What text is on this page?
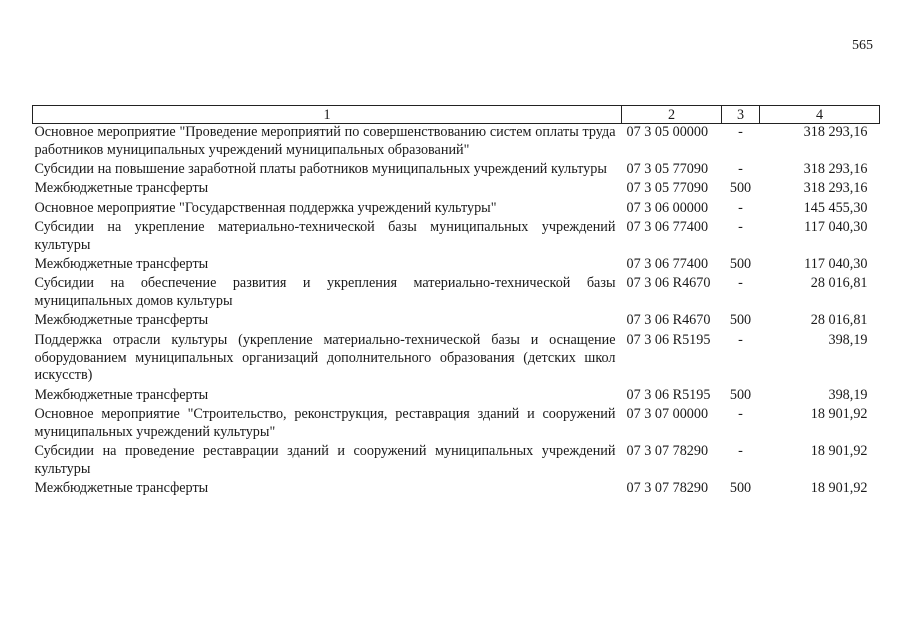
565
1	2	3	4
Основное мероприятие "Проведение мероприятий по совершенствованию систем оплаты труда работников муниципальных учреждений муниципальных образований"	07 3 05 00000	-	318 293,16
Субсидии на повышение заработной платы работников муниципальных учреждений культуры	07 3 05 77090	-	318 293,16
Межбюджетные трансферты	07 3 05 77090	500	318 293,16
Основное мероприятие "Государственная поддержка учреждений культуры"	07 3 06 00000	-	145 455,30
Субсидии на укрепление материально-технической базы муниципальных учреждений культуры	07 3 06 77400	-	117 040,30
Межбюджетные трансферты	07 3 06 77400	500	117 040,30
Субсидии на обеспечение развития и укрепления материально-технической базы муниципальных домов культуры	07 3 06 R4670	-	28 016,81
Межбюджетные трансферты	07 3 06 R4670	500	28 016,81
Поддержка отрасли культуры (укрепление материально-технической базы и оснащение оборудованием муниципальных организаций дополнительного образования (детских школ искусств)	07 3 06 R5195	-	398,19
Межбюджетные трансферты	07 3 06 R5195	500	398,19
Основное мероприятие "Строительство, реконструкция, реставрация зданий и сооружений муниципальных учреждений культуры"	07 3 07 00000	-	18 901,92
Субсидии на проведение реставрации зданий и сооружений муниципальных учреждений культуры	07 3 07 78290	-	18 901,92
Межбюджетные трансферты	07 3 07 78290	500	18 901,92
